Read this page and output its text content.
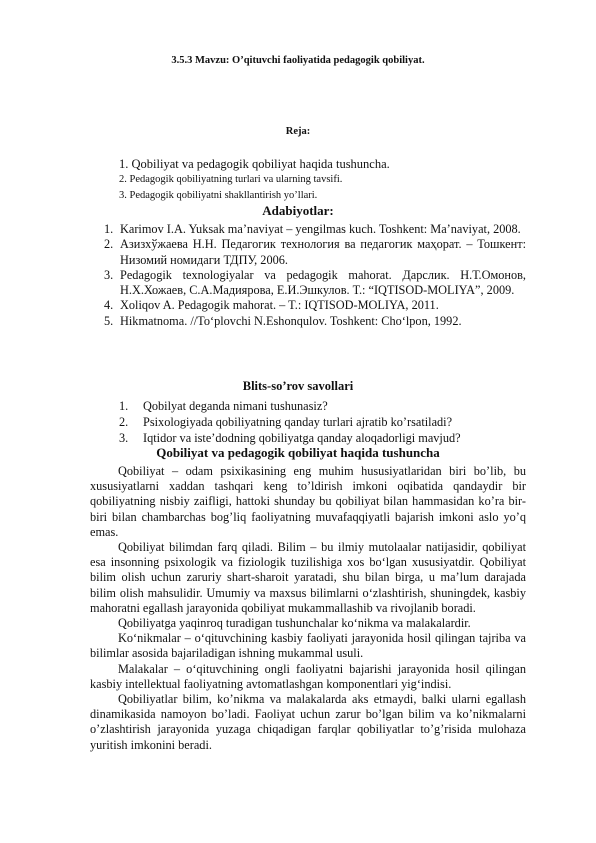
3.5.3 Mavzu: O’qituvchi faoliyatida pedagogik qobiliyat.
Reja:
1. Qobiliyat va pedagogik qobiliyat haqida tushuncha.
2. Pedagogik qobiliyatning turlari va ularning tavsifi.
3. Pedagogik qobiliyatni shakllantirish yo’llari.
Adabiyotlar:
1. Karimov I.A. Yuksak ma’naviyat – yengilmas kuch. Toshkent: Ma’naviyat, 2008.
2. Азизхўжаева Н.Н. Педагогик технология ва педагогик маҳорат. – Тошкент: Низомий номидаги ТДПУ, 2006.
3. Pedagogik texnologiyalar va pedagogik mahorat. Дарслик. Н.Т.Омонов, Н.Х.Хожаев, С.А.Мадиярова, Е.И.Эшкулов. Т.: “IQTISOD-MOLIYA”, 2009.
4. Xoliqov A. Pedagogik mahorat. – T.: IQTISOD-MOLIYA, 2011.
5. Hikmatnoma. //To‘plovchi N.Eshonqulov. Toshkent: Cho‘lpon, 1992.
Blits-so’rov savollari
1. Qobilyat deganda nimani tushunasiz?
2. Psixologiyada qobiliyatning qanday turlari ajratib ko’rsatiladi?
3. Iqtidor va iste’dodning qobiliyatga qanday aloqadorligi mavjud?
Qobiliyat va pedagogik qobiliyat haqida tushuncha

Qobiliyat – odam psixikasining eng muhim hususiyatlaridan biri bo’lib, bu xususiyatlarni xaddan tashqari keng to’ldirish imkoni oqibatida qandaydir bir qobiliyatning nisbiy zaifligi, hattoki shunday bu qobiliyat bilan hammasidan ko’ra bir-biri bilan chambarchas bog’liq faoliyatning muvafaqqiyatli bajarish imkoni aslo yo’q emas.

Qobiliyat bilimdan farq qiladi. Bilim – bu ilmiy mutolaalar natijasidir, qobiliyat esa insonning psixologik va fiziologik tuzilishiga xos bo‘lgan xususiyatdir. Qobiliyat bilim olish uchun zaruriy shart-sharoit yaratadi, shu bilan birga, u ma’lum darajada bilim olish mahsulidir. Umumiy va maxsus bilimlarni o‘zlashtirish, shuningdek, kasbiy mahoratni egallash jarayonida qobiliyat mukammallashib va rivojlanib boradi.

Qobiliyatga yaqinroq turadigan tushunchalar ko‘nikma va malakalardir.

Ko‘nikmalar – o‘qituvchining kasbiy faoliyati jarayonida hosil qilingan tajriba va bilimlar asosida bajariladigan ishning mukammal usuli.

Malakalar – o‘qituvchining ongli faoliyatni bajarishi jarayonida hosil qilingan kasbiy intellektual faoliyatning avtomatlashgan komponentlari yig‘indisi.

Qobiliyatlar bilim, ko’nikma va malakalarda aks etmaydi, balki ularni egallash dinamikasida namoyon bo’ladi. Faoliyat uchun zarur bo’lgan bilim va ko’nikmalarni o’zlashtirish jarayonida yuzaga chiqadigan farqlar qobiliyatlar to’g’risida mulohaza yuritish imkonini beradi.
